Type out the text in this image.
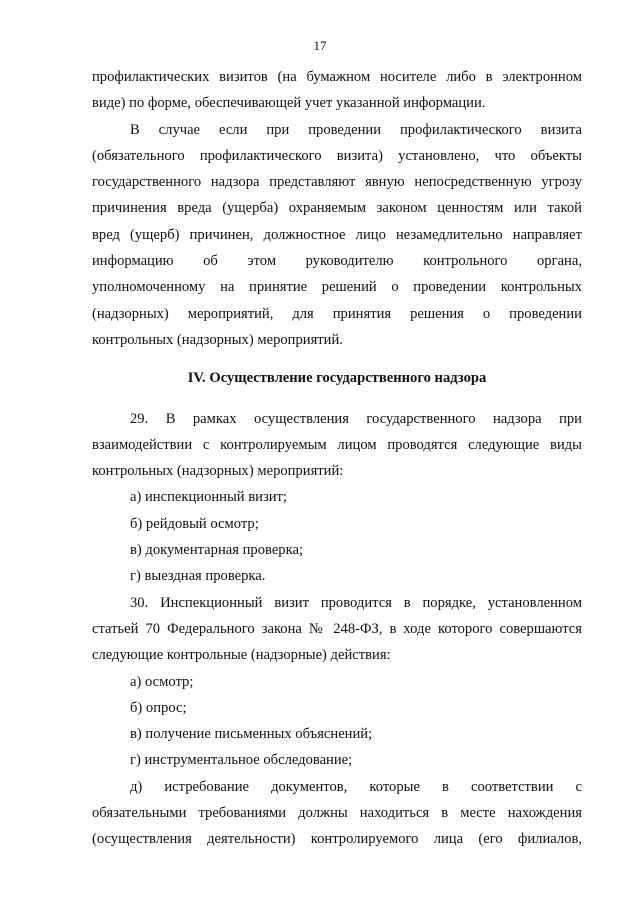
17
профилактических визитов (на бумажном носителе либо в электронном
виде) по форме, обеспечивающей учет указанной информации.
В случае если при проведении профилактического визита
(обязательного профилактического визита) установлено, что объекты
государственного надзора представляют явную непосредственную угрозу
причинения вреда (ущерба) охраняемым законом ценностям или такой
вред (ущерб) причинен, должностное лицо незамедлительно направляет
информацию об этом руководителю контрольного органа,
уполномоченному на принятие решений о проведении контрольных
(надзорных) мероприятий, для принятия решения о проведении
контрольных (надзорных) мероприятий.
IV. Осуществление государственного надзора
29. В рамках осуществления государственного надзора при
взаимодействии с контролируемым лицом проводятся следующие виды
контрольных (надзорных) мероприятий:
а) инспекционный визит;
б) рейдовый осмотр;
в) документарная проверка;
г) выездная проверка.
30. Инспекционный визит проводится в порядке, установленном
статьей 70 Федерального закона № 248-ФЗ, в ходе которого совершаются
следующие контрольные (надзорные) действия:
а) осмотр;
б) опрос;
в) получение письменных объяснений;
г) инструментальное обследование;
д) истребование документов, которые в соответствии с
обязательными требованиями должны находиться в месте нахождения
(осуществления деятельности) контролируемого лица (его филиалов,
